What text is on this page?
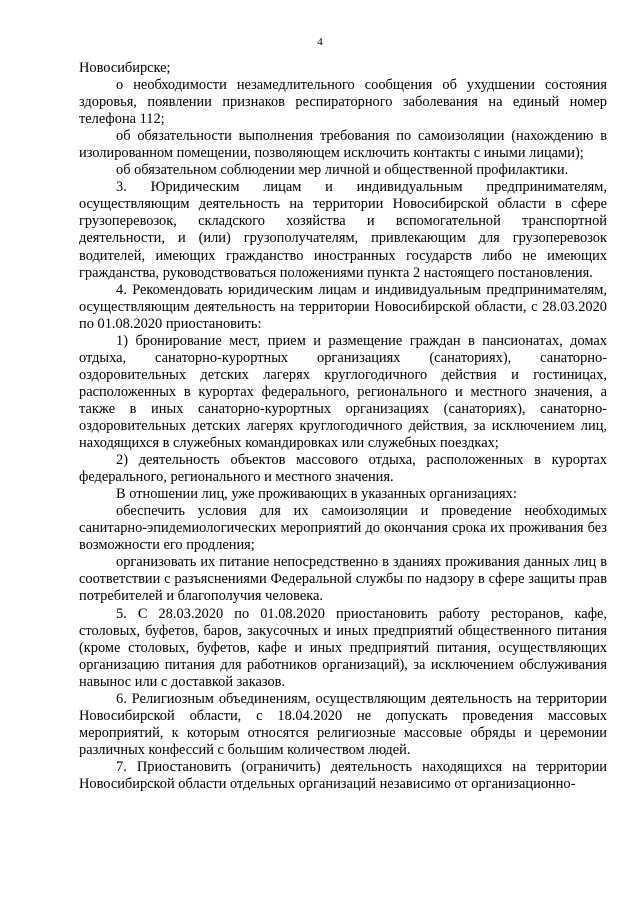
4

Новосибирске;

о необходимости незамедлительного сообщения об ухудшении состояния здоровья, появлении признаков респираторного заболевания на единый номер телефона 112;

об обязательности выполнения требования по самоизоляции (нахождению в изолированном помещении, позволяющем исключить контакты с иными лицами);

об обязательном соблюдении мер личной и общественной профилактики.

3. Юридическим лицам и индивидуальным предпринимателям, осуществляющим деятельность на территории Новосибирской области в сфере грузоперевозок, складского хозяйства и вспомогательной транспортной деятельности, и (или) грузополучателям, привлекающим для грузоперевозок водителей, имеющих гражданство иностранных государств либо не имеющих гражданства, руководствоваться положениями пункта 2 настоящего постановления.

4. Рекомендовать юридическим лицам и индивидуальным предпринимателям, осуществляющим деятельность на территории Новосибирской области, с 28.03.2020 по 01.08.2020 приостановить:

1) бронирование мест, прием и размещение граждан в пансионатах, домах отдыха, санаторно-курортных организациях (санаториях), санаторно-оздоровительных детских лагерях круглогодичного действия и гостиницах, расположенных в курортах федерального, регионального и местного значения, а также в иных санаторно-курортных организациях (санаториях), санаторно-оздоровительных детских лагерях круглогодичного действия, за исключением лиц, находящихся в служебных командировках или служебных поездках;

2) деятельность объектов массового отдыха, расположенных в курортах федерального, регионального и местного значения.

В отношении лиц, уже проживающих в указанных организациях:

обеспечить условия для их самоизоляции и проведение необходимых санитарно-эпидемиологических мероприятий до окончания срока их проживания без возможности его продления;

организовать их питание непосредственно в зданиях проживания данных лиц в соответствии с разъяснениями Федеральной службы по надзору в сфере защиты прав потребителей и благополучия человека.

5. С 28.03.2020 по 01.08.2020 приостановить работу ресторанов, кафе, столовых, буфетов, баров, закусочных и иных предприятий общественного питания (кроме столовых, буфетов, кафе и иных предприятий питания, осуществляющих организацию питания для работников организаций), за исключением обслуживания навынос или с доставкой заказов.

6. Религиозным объединениям, осуществляющим деятельность на территории Новосибирской области, с 18.04.2020 не допускать проведения массовых мероприятий, к которым относятся религиозные массовые обряды и церемонии различных конфессий с большим количеством людей.

7. Приостановить (ограничить) деятельность находящихся на территории Новосибирской области отдельных организаций независимо от организационно-
